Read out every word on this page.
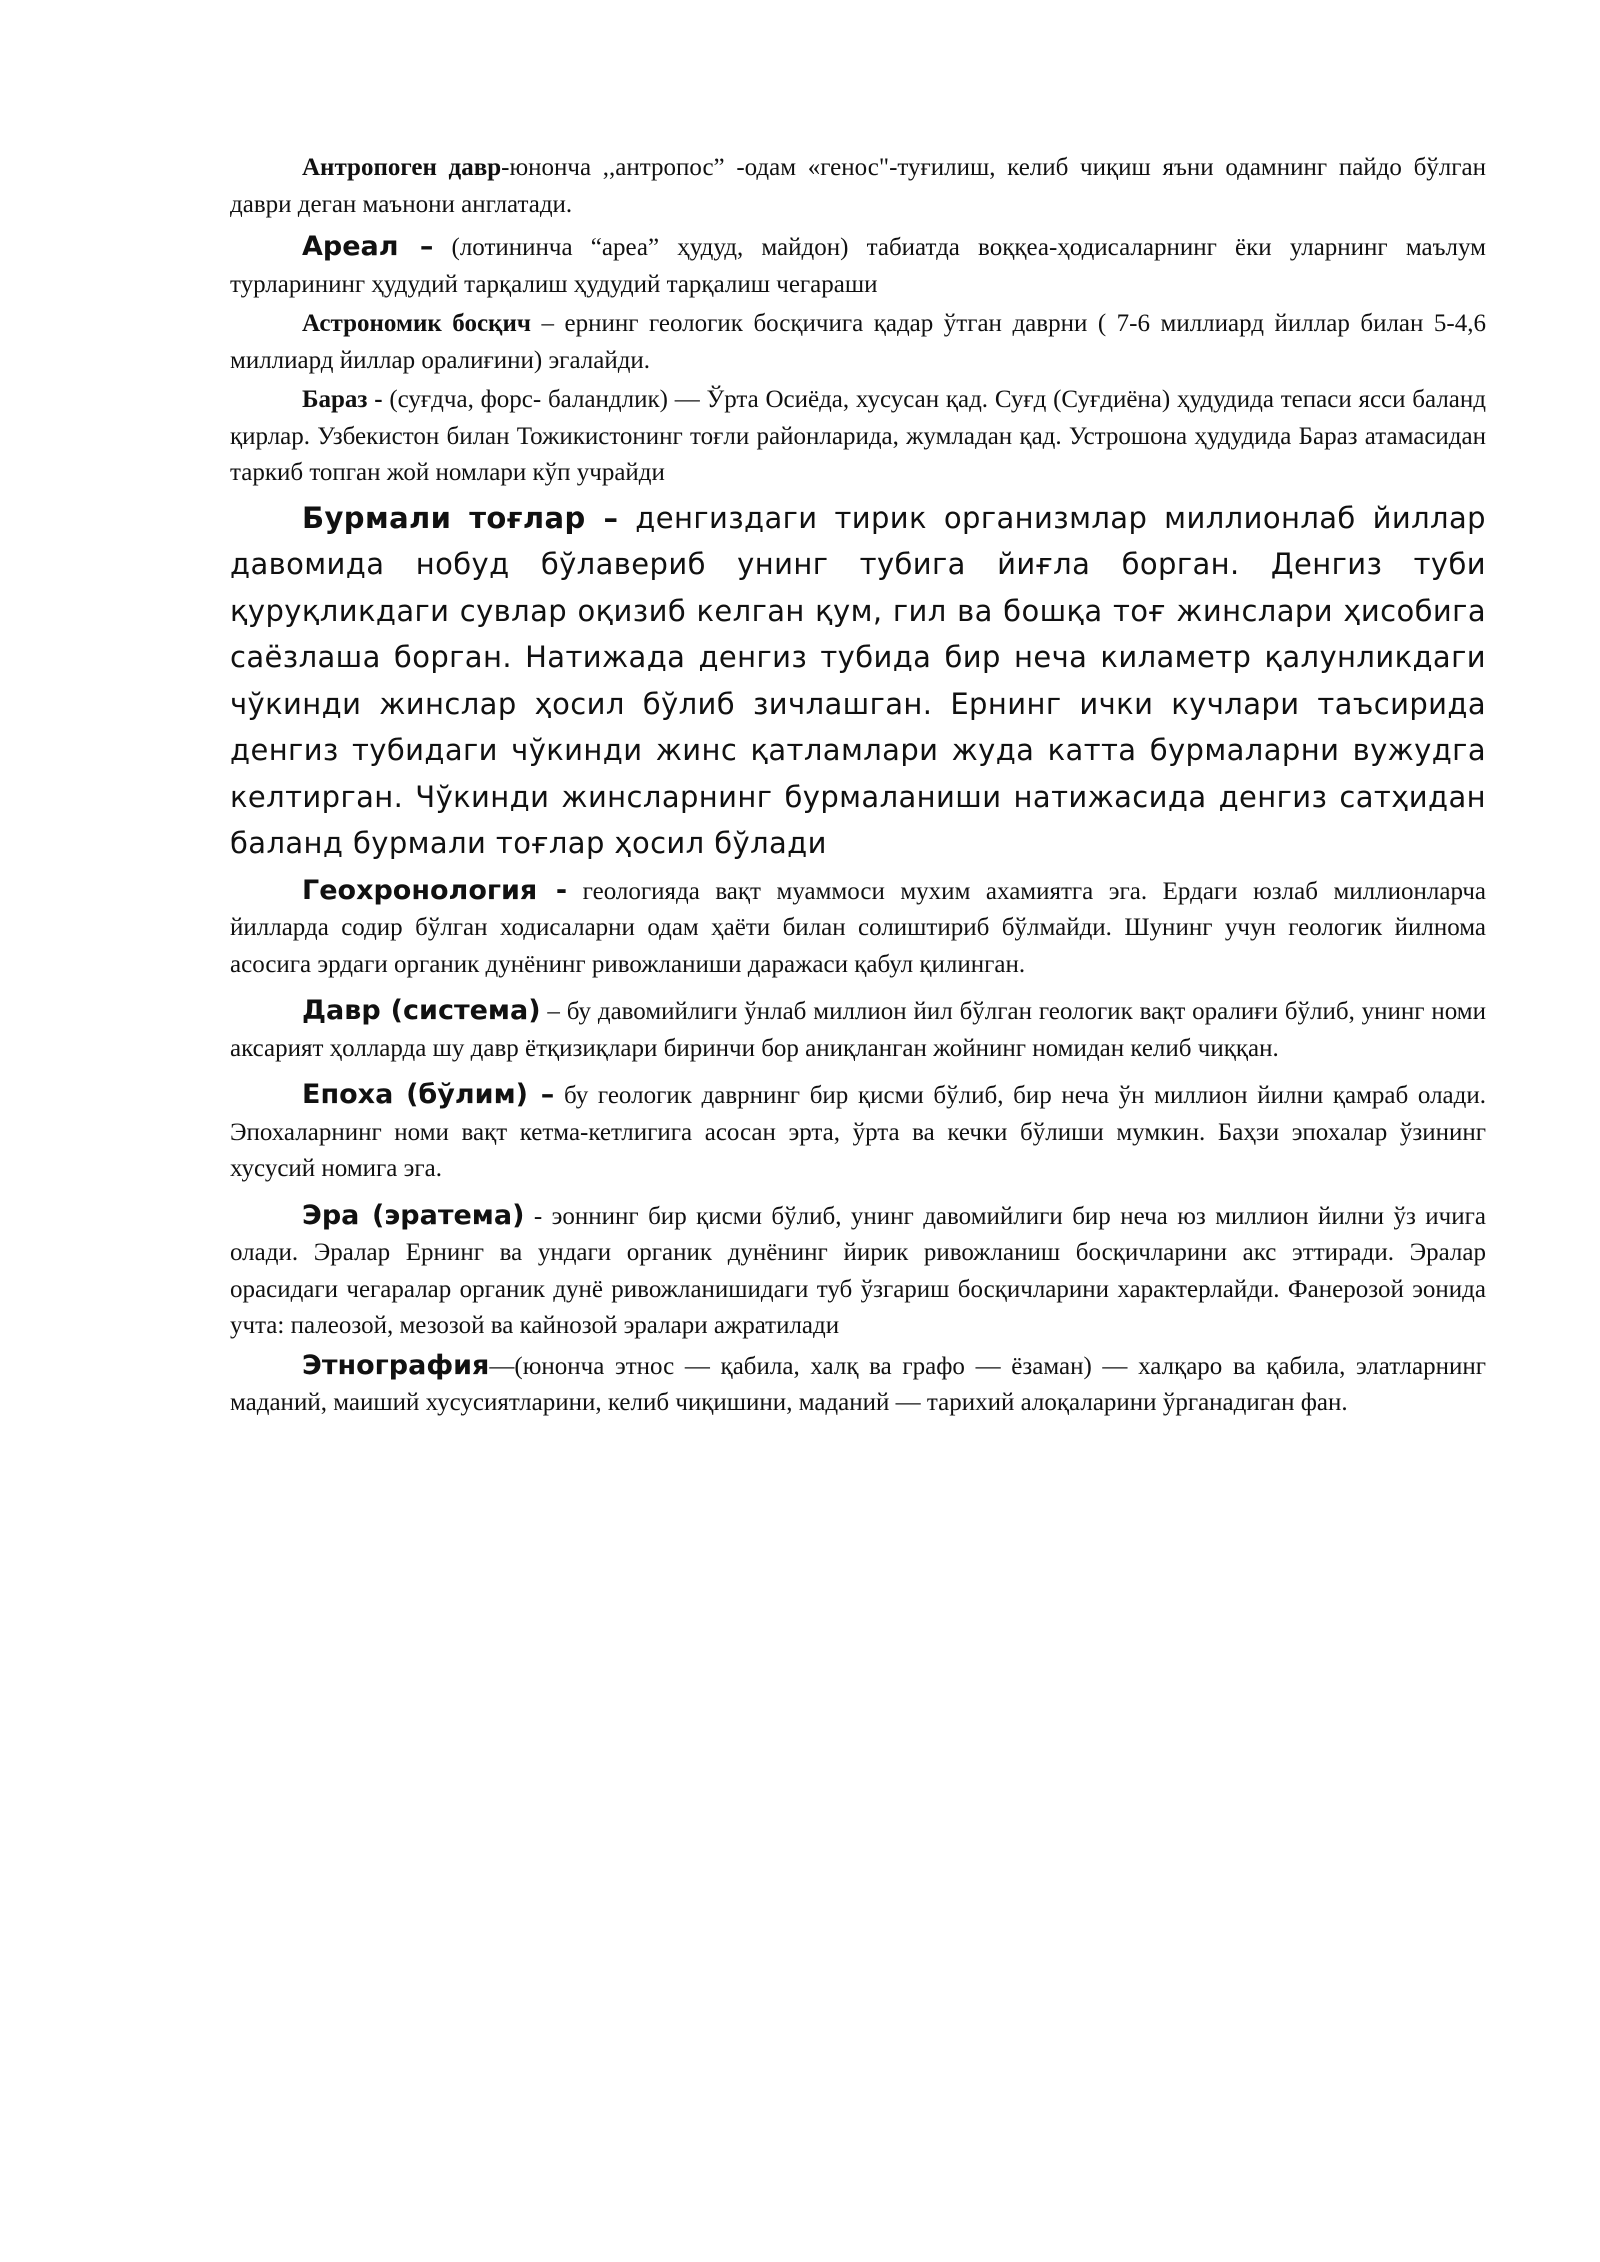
Антропоген давр-юнонча ,,антропос” -одам «генос"-туғилиш, келиб чиқиш яъни одамнинг пайдо бўлган даври деган маънони англатади.

Ареал – (лотининча “ареа” ҳудуд, майдон) табиатда воққеа-ҳодисаларнинг ёки уларнинг маълум турларининг ҳудудий тарқалиш ҳудудий тарқалиш чегараши

Астрономик босқич – ернинг геологик босқичига қадар ўтган даврни ( 7-6 миллиард йиллар билан 5-4,6 миллиард йиллар оралиғини) эгалайди.

Бараз - (суғдча, форс- баландлик) — Ўрта Осиёда, хусусан қад. Суғд (Суғдиёна) ҳудудида тепаси ясси баланд қирлар. Узбекистон билан Тожикистонинг тоғли районларида, жумладан қад. Устрошона ҳудудида Бараз атамасидан таркиб топган жой номлари кўп учрайди

Бурмали тоғлар – денгиздаги тирик организмлар миллионлаб йиллар давомида нобуд бўлавериб унинг тубига йиғла борган. Денгиз туби қуруқликдаги сувлар оқизиб келган қум, гил ва бошқа тоғ жинслари ҳисобига саёзлаша борган. Натижада денгиз тубида бир неча киламетр қалунликдаги чўкинди жинслар ҳосил бўлиб зичлашган. Ернинг ички кучлари таъсирида денгиз тубидаги чўкинди жинс қатламлари жуда катта бурмаларни вужудга келтирган. Чўкинди жинсларнинг бурмаланиши натижасида денгиз сатҳидан баланд бурмали тоғлар ҳосил бўлади

Геохронология - геологияда вақт муаммоси мухим ахамиятга эга. Ердаги юзлаб миллионларча йилларда содир бўлган ходисаларни одам ҳаёти билан солиштириб бўлмайди. Шунинг учун геологик йилнома асосига эрдаги органик дунёнинг ривожланиши даражаси қабул қилинган.

Давр (система) – бу давомийлиги ўнлаб миллион йил бўлган геологик вақт оралиғи бўлиб, унинг номи аксарият ҳолларда шу давр ётқизиқлари биринчи бор аниқланган жойнинг номидан келиб чиққан.

Епоха (бўлим) – бу геологик даврнинг бир қисми бўлиб, бир неча ўн миллион йилни қамраб олади. Эпохаларнинг номи вақт кетма-кетлигига асосан эрта, ўрта ва кечки бўлиши мумкин. Баҳзи эпохалар ўзининг хусусий номига эга.

Эра (эратема) - эоннинг бир қисми бўлиб, унинг давомийлиги бир неча юз миллион йилни ўз ичига олади. Эралар Ернинг ва ундаги органик дунёнинг йирик ривожланиш босқичларини акс эттиради. Эралар орасидаги чегаралар органик дунё ривожланишидаги туб ўзгариш босқичларини характерлайди. Фанерозой эонида учта: палеозой, мезозой ва кайнозой эралари ажратилади

Этнография—(юнонча этнос — қабила, халқ ва графо — ёзаман) — халқаро ва қабила, элатларнинг маданий, маиший хусусиятларини, келиб чиқишини, маданий — тарихий алоқаларини ўрганадиган фан.
